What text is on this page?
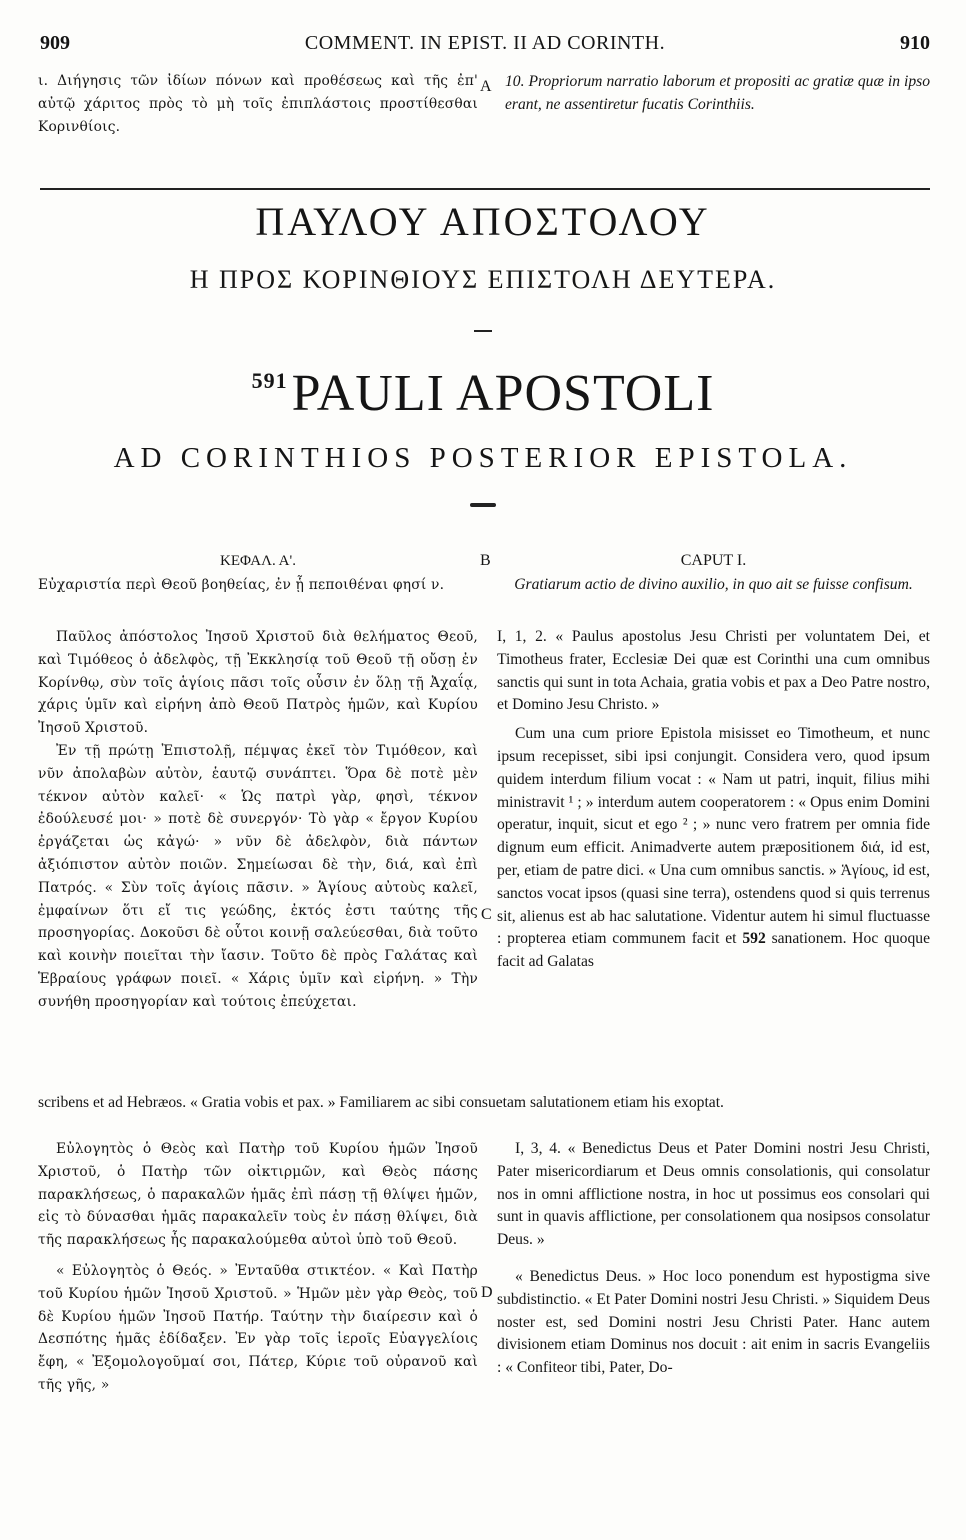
909	COMMENT. IN EPIST. II AD CORINTH.	910
ι. Διήγησις τῶν ἰδίων πόνων καὶ προθέσεως καὶ τῆς ἐπ' αὐτῷ χάριτος πρὸς τὸ μὴ τοῖς ἐπιπλάστοις προστίθεσθαι Κορινθίοις.
A 10. Propriorum narratio laborum et propositi ac gratiæ quæ in ipso erant, ne assentiretur fucatis Corinthiis.
ΠΑΥΛΟΥ ΑΠΟΣΤΟΛΟΥ
Η ΠΡΟΣ ΚΟΡΙΝΘΙΟΥΣ ΕΠΙΣΤΟΛΗ ΔΕΥΤΕΡΑ.
$^{591}$PAULI APOSTOLI
AD CORINTHIOS POSTERIOR EPISTOLA.
ΚΕΦΑΛ. Α'.	B	CAPUT I.
Εὐχαριστία περὶ Θεοῦ βοηθείας, ἐν ᾗ πεποιθέναι φησί ν.	Gratiarum actio de divino auxilio, in quo ait se fuisse confisum.

Παῦλος ἀπόστολος Ἰησοῦ Χριστοῦ διὰ θελήματος Θεοῦ, καὶ Τιμόθεος ὁ ἀδελφὸς, τῇ Ἐκκλησίᾳ τοῦ Θεοῦ τῇ οὔσῃ ἐν Κορίνθῳ, σὺν τοῖς ἁγίοις πᾶσι τοῖς οὖσιν ἐν ὅλῃ τῇ Ἀχαΐᾳ, χάρις ὑμῖν καὶ εἰρήνη ἀπὸ Θεοῦ Πατρὸς ἡμῶν, καὶ Κυρίου Ἰησοῦ Χριστοῦ.

Ἐν τῇ πρώτῃ Ἐπιστολῇ, πέμψας ἐκεῖ τὸν Τιμόθεον, καὶ νῦν ἀπολαβὼν αὐτὸν, ἑαυτῷ συνάπτει. Ὅρα δὲ ποτὲ μὲν τέκνον αὐτὸν καλεῖ· « Ὡς πατρὶ γὰρ, φησὶ, τέκνον ἐδούλευσέ μοι· » ποτὲ δὲ συνεργόν· Τὸ γὰρ « ἔργον Κυρίου ἐργάζεται ὡς κἀγώ· » νῦν δὲ ἀδελφὸν, διὰ πάντων ἀξιόπιστον αὐτὸν ποιῶν. Σημείωσαι δὲ τὴν, διά, καὶ ἐπὶ Πατρός. « Σὺν τοῖς ἁγίοις πᾶσιν. » Ἁγίους αὐτοὺς καλεῖ, ἐμφαίνων ὅτι εἴ τις γεώδης, ἐκτός ἐστι ταύτης τῆς προσηγορίας. Δοκοῦσι δὲ οὗτοι κοινῇ σαλεύεσθαι, διὰ τοῦτο καὶ κοινὴν ποιεῖται τὴν ἴασιν. Τοῦτο δὲ πρὸς Γαλάτας καὶ Ἑβραίους γράφων ποιεῖ. « Χάρις ὑμῖν καὶ εἰρήνη. » Τὴν συνήθη προσηγορίαν καὶ τούτοις ἐπεύχεται.

C

I, 1, 2. « Paulus apostolus Jesu Christi per voluntatem Dei, et Timotheus frater, Ecclesiæ Dei quæ est Corinthi una cum omnibus sanctis qui sunt in tota Achaia, gratia vobis et pax a Deo Patre nostro, et Domino Jesu Christo. »

Cum una cum priore Epistola misisset eo Timotheum, et nunc ipsum recepisset, sibi ipsi conjungit. Considera vero, quod ipsum quidem interdum filium vocat : « Nam ut patri, inquit, filius mihi ministravit ¹ ; » interdum autem cooperatorem : « Opus enim Domini operatur, inquit, sicut et ego ² ; » nunc vero fratrem per omnia fide dignum eum efficit. Animadverte autem præpositionem διά, id est, per, etiam de patre dici. « Una cum omnibus sanctis. » Ἁγίους, id est, sanctos vocat ipsos (quasi sine terra), ostendens quod si quis terrenus sit, alienus est ab hac salutatione. Videntur autem hi simul fluctuasse : propterea etiam communem facit et 592 sanationem. Hoc quoque facit ad Galatas

scribens et ad Hebræos. « Gratia vobis et pax. » Familiarem ac sibi consuetam salutationem etiam his exoptat.

Εὐλογητὸς ὁ Θεὸς καὶ Πατὴρ τοῦ Κυρίου ἡμῶν Ἰησοῦ Χριστοῦ, ὁ Πατὴρ τῶν οἰκτιρμῶν, καὶ Θεὸς πάσης παρακλήσεως, ὁ παρακαλῶν ἡμᾶς ἐπὶ πάσῃ τῇ θλίψει ἡμῶν, εἰς τὸ δύνασθαι ἡμᾶς παρακαλεῖν τοὺς ἐν πάσῃ θλίψει, διὰ τῆς παρακλήσεως ἧς παρακαλούμεθα αὐτοὶ ὑπὸ τοῦ Θεοῦ.

« Εὐλογητὸς ὁ Θεός. » Ἐνταῦθα στικτέον. « Καὶ Πατὴρ τοῦ Κυρίου ἡμῶν Ἰησοῦ Χριστοῦ. » Ἡμῶν μὲν γὰρ Θεὸς, τοῦ δὲ Κυρίου ἡμῶν Ἰησοῦ Πατήρ. Ταύτην τὴν διαίρεσιν καὶ ὁ Δεσπότης ἡμᾶς ἐδίδαξεν. Ἐν γὰρ τοῖς ἱεροῖς Εὐαγγελίοις ἔφη, « Ἐξομολογοῦμαί σοι, Πάτερ, Κύριε τοῦ οὐρανοῦ καὶ τῆς γῆς, »

D

I, 3, 4. « Benedictus Deus et Pater Domini nostri Jesu Christi, Pater misericordiarum et Deus omnis consolationis, qui consolatur nos in omni afflictione nostra, in hoc ut possimus eos consolari qui sunt in quavis afflictione, per consolationem qua nosipsos consolatur Deus. »

« Benedictus Deus. » Hoc loco ponendum est hypostigma sive subdistinctio. « Et Pater Domini nostri Jesu Christi. » Siquidem Deus noster est, sed Domini nostri Jesu Christi Pater. Hanc autem divisionem etiam Dominus nos docuit : ait enim in sacris Evangeliis : « Confiteor tibi, Pater, Do-
